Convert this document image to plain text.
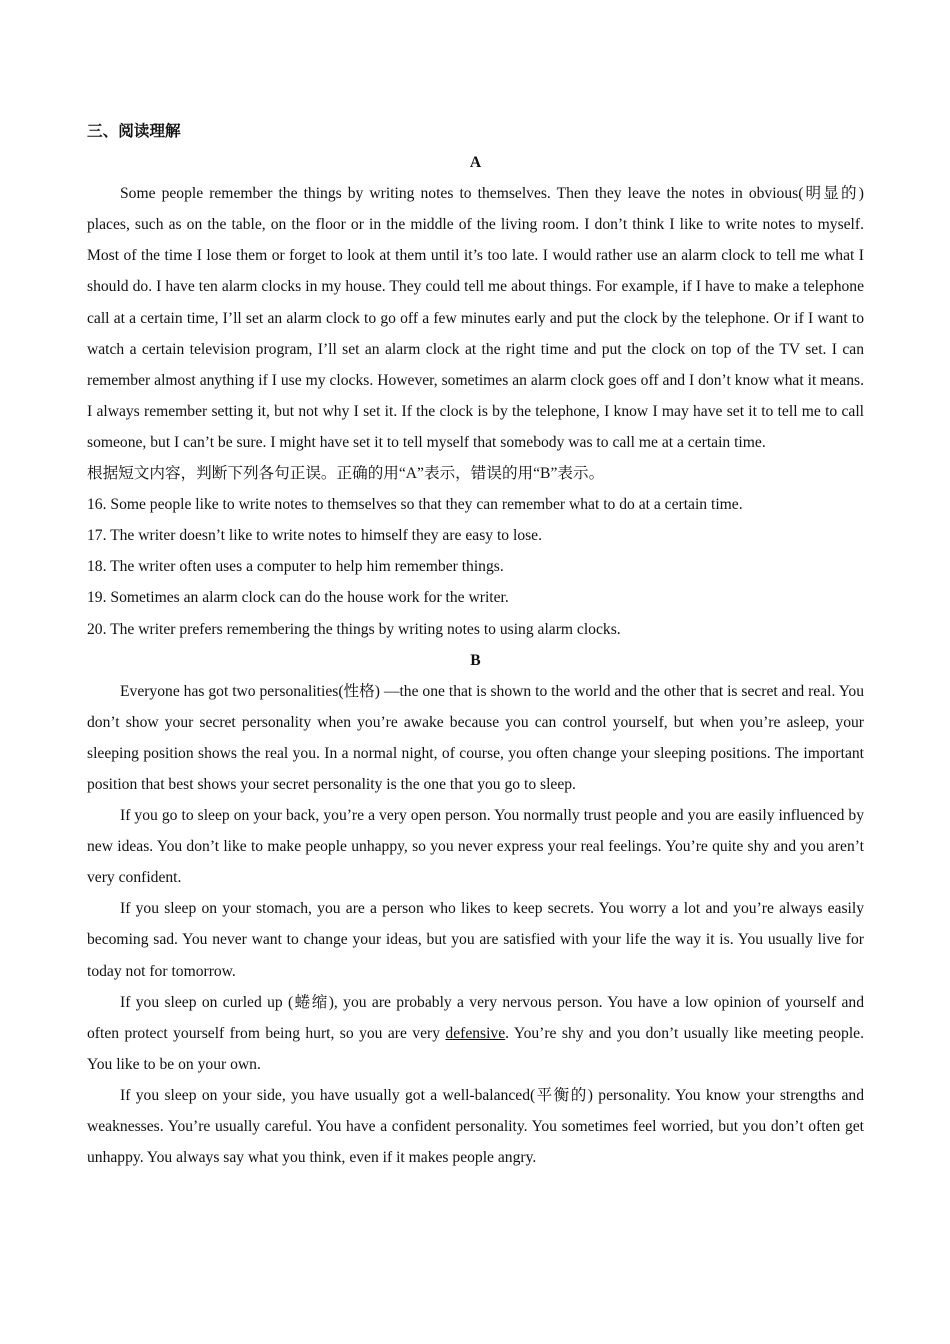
三、阅读理解

A

Some people remember the things by writing notes to themselves. Then they leave the notes in obvious(明显的) places, such as on the table, on the floor or in the middle of the living room. I don’t think I like to write notes to myself. Most of the time I lose them or forget to look at them until it’s too late. I would rather use an alarm clock to tell me what I should do. I have ten alarm clocks in my house. They could tell me about things. For example, if I have to make a telephone call at a certain time, I’ll set an alarm clock to go off a few minutes early and put the clock by the telephone. Or if I want to watch a certain television program, I’ll set an alarm clock at the right time and put the clock on top of the TV set. I can remember almost anything if I use my clocks. However, sometimes an alarm clock goes off and I don’t know what it means. I always remember setting it, but not why I set it. If the clock is by the telephone, I know I may have set it to tell me to call someone, but I can’t be sure. I might have set it to tell myself that somebody was to call me at a certain time.

根据短文内容，判断下列各句正误。正确的用“A”表示，错误的用“B”表示。

16. Some people like to write notes to themselves so that they can remember what to do at a certain time.

17. The writer doesn’t like to write notes to himself they are easy to lose.

18. The writer often uses a computer to help him remember things.

19. Sometimes an alarm clock can do the house work for the writer.

20. The writer prefers remembering the things by writing notes to using alarm clocks.

B

Everyone has got two personalities(性格) —the one that is shown to the world and the other that is secret and real. You don’t show your secret personality when you’re awake because you can control yourself, but when you’re asleep, your sleeping position shows the real you. In a normal night, of course, you often change your sleeping positions. The important position that best shows your secret personality is the one that you go to sleep.

If you go to sleep on your back, you’re a very open person. You normally trust people and you are easily influenced by new ideas. You don’t like to make people unhappy, so you never express your real feelings. You’re quite shy and you aren’t very confident.

If you sleep on your stomach, you are a person who likes to keep secrets. You worry a lot and you’re always easily becoming sad. You never want to change your ideas, but you are satisfied with your life the way it is. You usually live for today not for tomorrow.

If you sleep on curled up (蜷缩), you are probably a very nervous person. You have a low opinion of yourself and often protect yourself from being hurt, so you are very defensive. You’re shy and you don’t usually like meeting people. You like to be on your own.

If you sleep on your side, you have usually got a well-balanced(平衡的) personality. You know your strengths and weaknesses. You’re usually careful. You have a confident personality. You sometimes feel worried, but you don’t often get unhappy. You always say what you think, even if it makes people angry.
